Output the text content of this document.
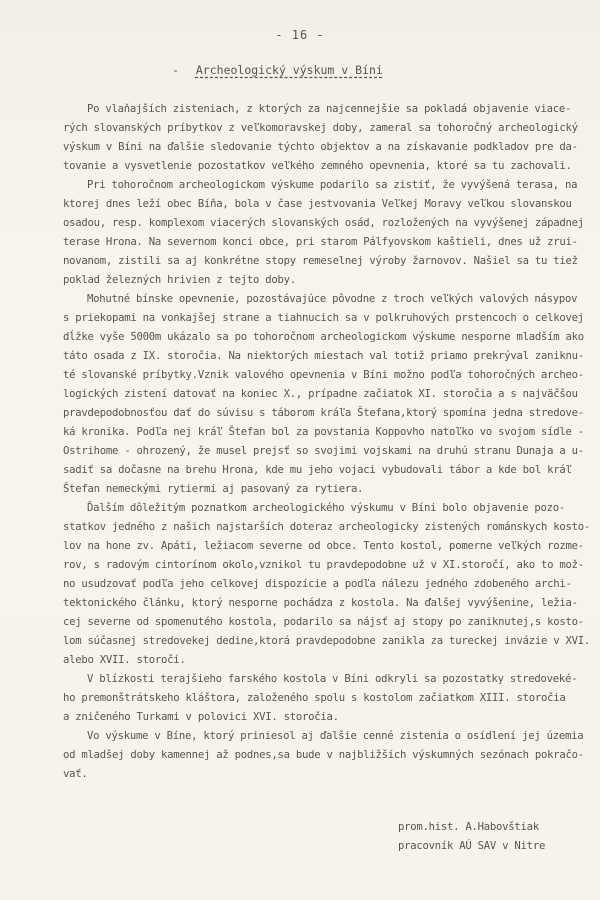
- 16 -
- Archeologický výskum v Bíni
Po vlaňajších zisteniach, z ktorých za najcennejšie sa pokladá objavenie viace-
rých slovanských príbytkov z veľkomoravskej doby, zameral sa tohoročný archeologický
výskum v Bíni na ďalšie sledovanie týchto objektov a na získavanie podkladov pre da-
tovanie a vysvetlenie pozostatkov veľkého zemného opevnenia, ktoré sa tu zachovali.
Pri tohoročnom archeologickom výskume podarilo sa zistiť, že vyvýšená terasa, na
ktorej dnes leží obec Bíňa, bola v čase jestvovania Veľkej Moravy veľkou slovanskou
osadou, resp. komplexom viacerých slovanských osád, rozložených na vyvýšenej západnej
terase Hrona. Na severnom konci obce, pri starom Pálfyovskom kaštieli, dnes už zrui-
novanom, zistili sa aj konkrétne stopy remeselnej výroby žarnovov. Našiel sa tu tiež
poklad železných hrivien z tejto doby.
Mohutné bínske opevnenie, pozostávajúce pôvodne z troch veľkých valových násypov
s priekopami na vonkajšej strane a tiahnucich sa v polkruhových prstencoch o celkovej
dĺžke vyše 5000m ukázalo sa po tohoročnom archeologickom výskume nesporne mladším ako
táto osada z IX. storočia. Na niektorých miestach val totiž priamo prekrýval zaniknu-
té slovanské príbytky.Vznik valového opevnenia v Bíni možno podľa tohoročných archeo-
logických zistení datovať na koniec X., prípadne začiatok XI. storočia a s najväčšou
pravdepodobnosťou dať do súvisu s táborom kráľa Štefana,ktorý spomína jedna stredove-
ká kronika. Podľa nej kráľ Štefan bol za povstania Koppovho natoľko vo svojom sídle -
Ostrihome - ohrozený, že musel prejsť so svojimi vojskami na druhú stranu Dunaja a u-
sadiť sa dočasne na brehu Hrona, kde mu jeho vojaci vybudovali tábor a kde bol kráľ
Štefan nemeckými rytiermi aj pasovaný za rytiera.
Ďalším dôležitým poznatkom archeologického výskumu v Bíni bolo objavenie pozo-
statkov jedného z našich najstarších doteraz archeologicky zistených románskych kosto-
lov na hone zv. Apáti, ležiacom severne od obce. Tento kostol, pomerne veľkých rozme-
rov, s radovým cintorínom okolo,vznikol tu pravdepodobne už v XI.storočí, ako to mož-
no usudzovať podľa jeho celkovej dispozície a podľa nálezu jedného zdobeného archi-
tektonického článku, ktorý nesporne pochádza z kostola. Na ďalšej vyvýšenine, ležia-
cej severne od spomenutého kostola, podarilo sa nájsť aj stopy po zaniknutej,s kosto-
lom súčasnej stredovekej dedine,ktorá pravdepodobne zanikla za tureckej invázie v XVI.
alebo XVII. storočí.
V blízkosti terajšieho farského kostola v Bíni odkryli sa pozostatky stredoveké-
ho premonštrátskeho kláštora, založeného spolu s kostolom začiatkom XIII. storočia
a zničeného Turkami v polovici XVI. storočia.
Vo výskume v Bíne, ktorý priniesol aj ďalšie cenné zistenia o osídlení jej územia
od mladšej doby kamennej až podnes,sa bude v najbližších výskumných sezónach pokračo-
vať.
prom.hist. A.Habovštiak
pracovník AÚ SAV v Nitre
